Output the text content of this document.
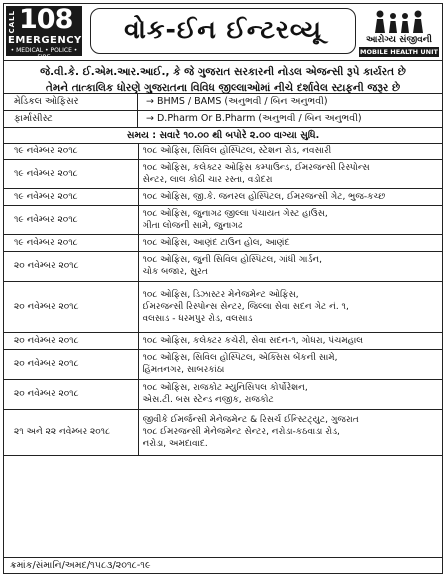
CALL 108
EMERGENCY
• MEDICAL • POLICE • FIRE
વોક-ઈન ઈન્ટરવ્યૂ	આરોગ્ય સંજીવની
MOBILE HEALTH UNIT
જે.વી.કે. ઈ.એમ.આર.આઈ., કે જે ગુજરાત સરકારની નોડલ એજન્સી રૂપે કાર્યરત છે
તેમને તાત્કાલિક ધોરણે ગુજરાતના વિવિધ જીલ્લાઓમાં નીચે દર્શાવેલ સ્ટાફની જરૂર છે
મેડિકલ ઓફિસર	→ BHMS / BAMS (અનુભવી / બિન અનુભવી)
ફાર્માસીસ્ટ	→ D.Pharm Or B.Pharm (અનુભવી / બિન અનુભવી)
સમય : સવારે ૧૦.૦૦ થી બપોરે ૨.૦૦ વાગ્યા સુધિ.
૧૯ નવેમ્બર ૨૦૧૮	૧૦૮ ઓફિસ, સિવિલ હોસ્પિટલ, સ્ટેશન રોડ, નવસારી

૧૯ નવેમ્બર ૨૦૧૮	૧૦૮ ઓફિસ, કલેક્ટર ઓફિસ કમ્પાઉન્ડ, ઈમરજન્સી રિસ્પોન્સ
સેન્ટર, લાલ કોઠી ચાર રસ્તા, વડોદરા

૧૯ નવેમ્બર ૨૦૧૮	૧૦૮ ઓફિસ, જી.કે. જનરલ હોસ્પિટલ, ઈમરજન્સી ગેટ, ભુજ-કચ્છ

૧૯ નવેમ્બર ૨૦૧૮	૧૦૮ ઓફિસ, જુનાગઢ જીલ્લા પંચાયત ગેસ્ટ હાઉસ,
ગીતા લોજની સામે, જુનાગઢ

૧૯ નવેમ્બર ૨૦૧૮	૧૦૮ ઓફિસ, આણંદ ટાઉન હોલ, આણંદ

૨૦ નવેમ્બર ૨૦૧૮	૧૦૮ ઓફિસ, જુની સિવિલ હોસ્પિટલ, ગાંધી ગાર્ડન,
ચોક બજાર, સુરત

૨૦ નવેમ્બર ૨૦૧૮	૧૦૮ ઓફિસ, ડિઝાસ્ટર મેનેજમેન્ટ ઓફિસ,
ઈમરજન્સી રિસ્પોન્સ સેન્ટર, જિલ્લા સેવા સદન ગેટ નં. ૧,
વલસાડ - ધરમપુર રોડ, વલસાડ

૨૦ નવેમ્બર ૨૦૧૮	૧૦૮ ઓફિસ, કલેક્ટર કચેરી, સેવા સદન-૧, ગોધરા, પંચમહાલ

૨૦ નવેમ્બર ૨૦૧૮	૧૦૮ ઓફિસ, સિવિલ હોસ્પિટલ, એક્સિસ બેંકની સામે,
હિંમતનગર, સાબરકાંઠા

૨૦ નવેમ્બર ૨૦૧૮	૧૦૮ ઓફિસ, રાજકોટ મ્યુનિસિપલ કોર્પોરેશન,
એસ.ટી. બસ સ્ટેન્ડ નજીક, રાજકોટ

૨૧ અને ૨૨ નવેમ્બર ૨૦૧૮	જીવીકે ઈમર્જન્સી મેનેજમેન્ટ & રિસર્ચ ઈન્સ્ટિટ્યુટ, ગુજરાત
૧૦૮ ઈમરજન્સી મેનેજમેન્ટ સેન્ટર, નરોડા-કઠવાડા રોડ,
નરોડા, અમદાવાદ.
ક્રમાંક/સંમાનિ/અમદ/૧૫૮૩/૨૦૧૮-૧૯
